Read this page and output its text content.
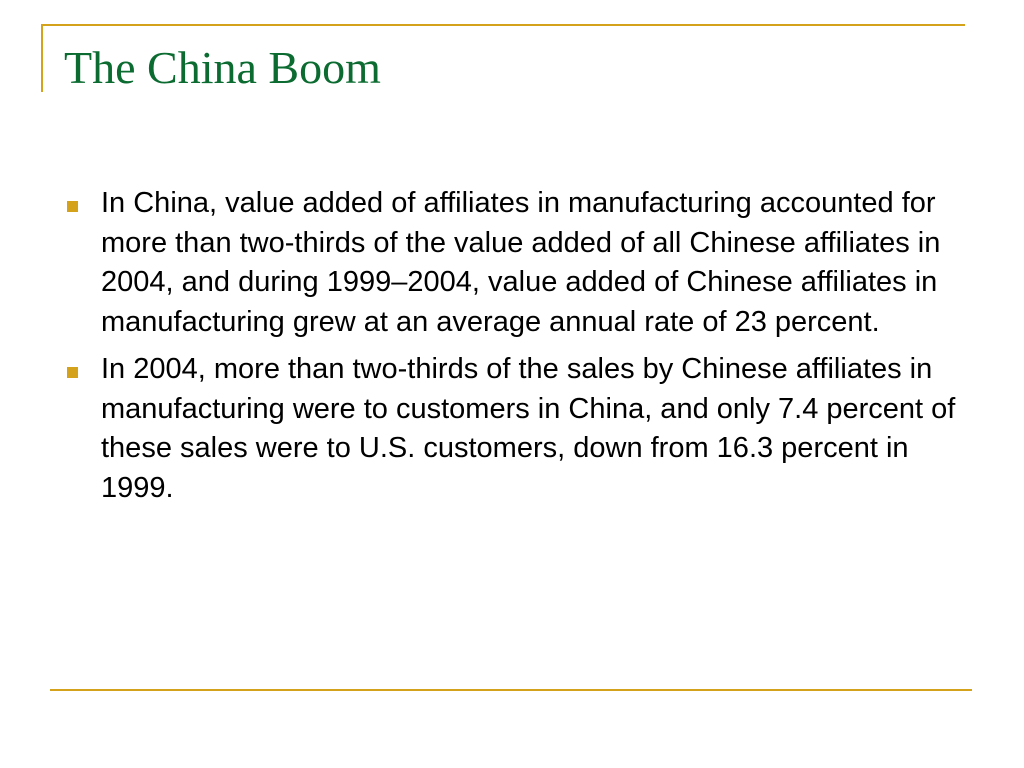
The China Boom
In China, value added of affiliates in manufacturing accounted for more than two-thirds of the value added of all Chinese affiliates in 2004, and during 1999–2004, value added of Chinese affiliates in manufacturing grew at an average annual rate of 23 percent.
In 2004, more than two-thirds of the sales by Chinese affiliates in manufacturing were to customers in China, and only 7.4 percent of these sales were to U.S. customers, down from 16.3 percent in 1999.
